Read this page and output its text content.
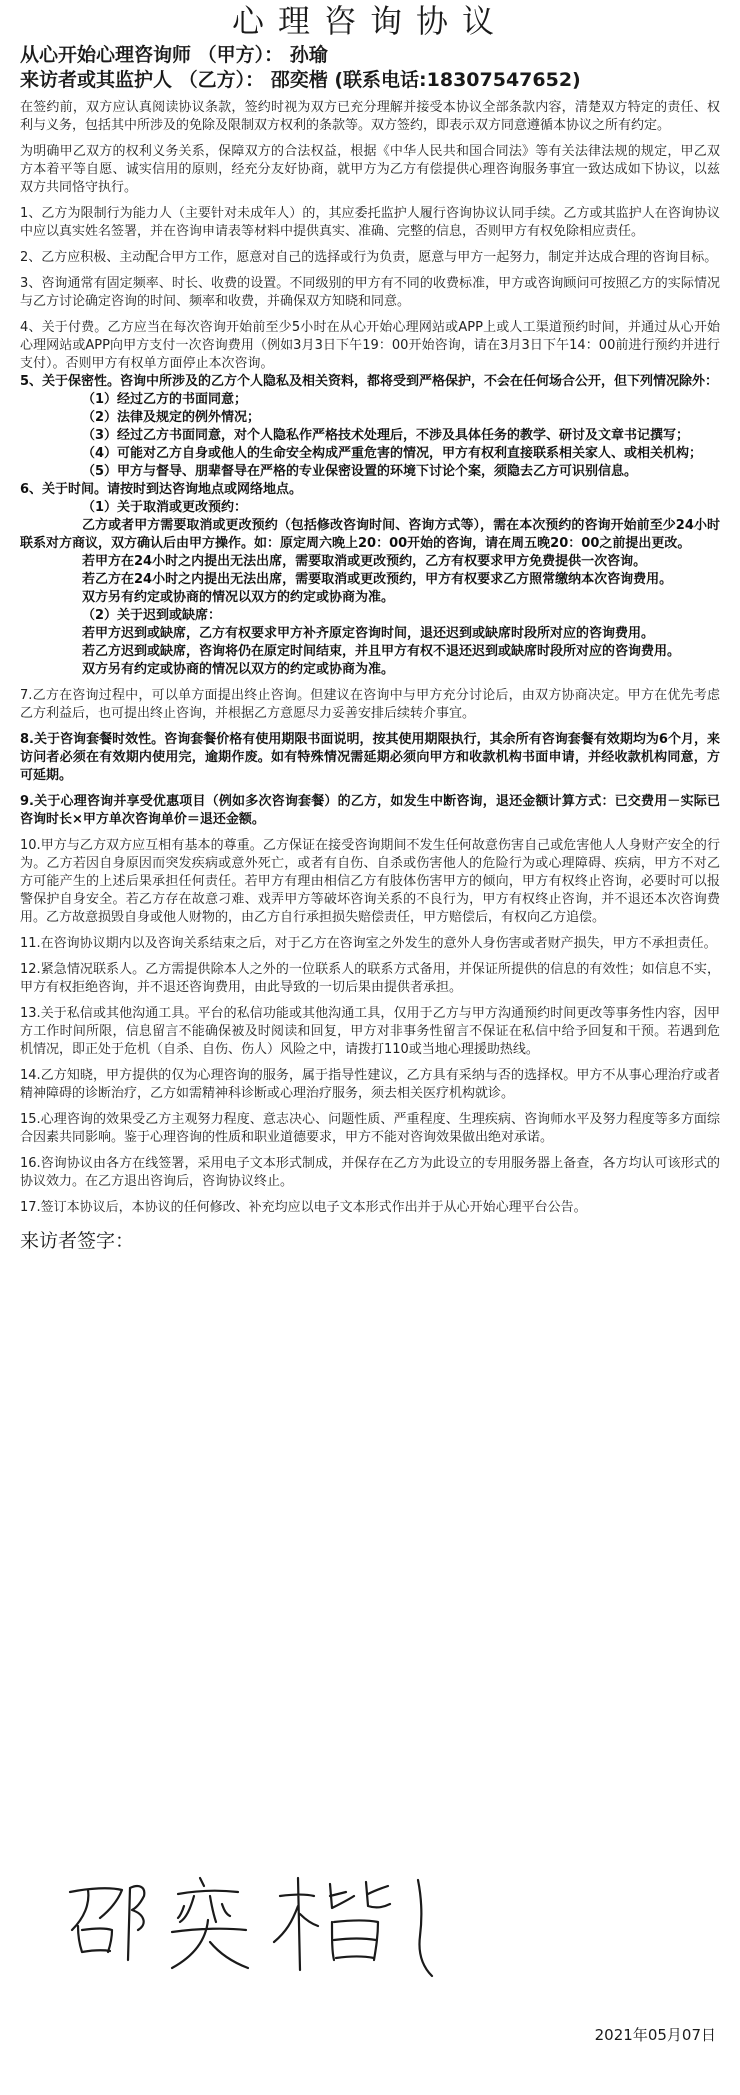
心理咨询协议

从心开始心理咨询师 （甲方）： 孙瑜

来访者或其监护人 （乙方）： 邵奕楷 (联系电话:18307547652)

在签约前，双方应认真阅读协议条款，签约时视为双方已充分理解并接受本协议全部条款内容，清楚双方特定的责任、权利与义务，包括其中所涉及的免除及限制双方权利的条款等。双方签约，即表示双方同意遵循本协议之所有约定。

为明确甲乙双方的权利义务关系，保障双方的合法权益，根据《中华人民共和国合同法》等有关法律法规的规定，甲乙双方本着平等自愿、诚实信用的原则，经充分友好协商，就甲方为乙方有偿提供心理咨询服务事宜一致达成如下协议，以兹双方共同恪守执行。

1、乙方为限制行为能力人（主要针对未成年人）的，其应委托监护人履行咨询协议认同手续。乙方或其监护人在咨询协议中应以真实姓名签署，并在咨询申请表等材料中提供真实、准确、完整的信息，否则甲方有权免除相应责任。

2、乙方应积极、主动配合甲方工作，愿意对自己的选择或行为负责，愿意与甲方一起努力，制定并达成合理的咨询目标。

3、咨询通常有固定频率、时长、收费的设置。不同级别的甲方有不同的收费标准，甲方或咨询顾问可按照乙方的实际情况与乙方讨论确定咨询的时间、频率和收费，并确保双方知晓和同意。

4、关于付费。乙方应当在每次咨询开始前至少5小时在从心开始心理网站或APP上或人工渠道预约时间，并通过从心开始心理网站或APP向甲方支付一次咨询费用（例如3月3日下午19：00开始咨询，请在3月3日下午14：00前进行预约并进行支付）。否则甲方有权单方面停止本次咨询。

5、关于保密性。咨询中所涉及的乙方个人隐私及相关资料，都将受到严格保护，不会在任何场合公开，但下列情况除外：

（1）经过乙方的书面同意；

（2）法律及规定的例外情况；

（3）经过乙方书面同意，对个人隐私作严格技术处理后，不涉及具体任务的教学、研讨及文章书记撰写；

（4）可能对乙方自身或他人的生命安全构成严重危害的情况，甲方有权利直接联系相关家人、或相关机构；

（5）甲方与督导、朋辈督导在严格的专业保密设置的环境下讨论个案，须隐去乙方可识别信息。

6、关于时间。请按时到达咨询地点或网络地点。

（1）关于取消或更改预约：

乙方或者甲方需要取消或更改预约（包括修改咨询时间、咨询方式等），需在本次预约的咨询开始前至少24小时联系对方商议，双方确认后由甲方操作。如：原定周六晚上20：00开始的咨询，请在周五晚20：00之前提出更改。

若甲方在24小时之内提出无法出席，需要取消或更改预约，乙方有权要求甲方免费提供一次咨询。

若乙方在24小时之内提出无法出席，需要取消或更改预约，甲方有权要求乙方照常缴纳本次咨询费用。

双方另有约定或协商的情况以双方的约定或协商为准。

（2）关于迟到或缺席：

若甲方迟到或缺席，乙方有权要求甲方补齐原定咨询时间，退还迟到或缺席时段所对应的咨询费用。

若乙方迟到或缺席，咨询将仍在原定时间结束，并且甲方有权不退还迟到或缺席时段所对应的咨询费用。

双方另有约定或协商的情况以双方的约定或协商为准。

7.乙方在咨询过程中，可以单方面提出终止咨询。但建议在咨询中与甲方充分讨论后，由双方协商决定。甲方在优先考虑乙方利益后，也可提出终止咨询，并根据乙方意愿尽力妥善安排后续转介事宜。

8.关于咨询套餐时效性。咨询套餐价格有使用期限书面说明，按其使用期限执行，其余所有咨询套餐有效期均为6个月，来访问者必须在有效期内使用完，逾期作废。如有特殊情况需延期必须向甲方和收款机构书面申请，并经收款机构同意，方可延期。

9.关于心理咨询并享受优惠项目（例如多次咨询套餐）的乙方，如发生中断咨询，退还金额计算方式：已交费用－实际已咨询时长×甲方单次咨询单价＝退还金额。

10.甲方与乙方双方应互相有基本的尊重。乙方保证在接受咨询期间不发生任何故意伤害自己或危害他人人身财产安全的行为。乙方若因自身原因而突发疾病或意外死亡，或者有自伤、自杀或伤害他人的危险行为或心理障碍、疾病，甲方不对乙方可能产生的上述后果承担任何责任。若甲方有理由相信乙方有肢体伤害甲方的倾向，甲方有权终止咨询，必要时可以报警保护自身安全。若乙方存在故意刁难、戏弄甲方等破坏咨询关系的不良行为，甲方有权终止咨询，并不退还本次咨询费用。乙方故意损毁自身或他人财物的，由乙方自行承担损失赔偿责任，甲方赔偿后，有权向乙方追偿。

11.在咨询协议期内以及咨询关系结束之后，对于乙方在咨询室之外发生的意外人身伤害或者财产损失，甲方不承担责任。

12.紧急情况联系人。乙方需提供除本人之外的一位联系人的联系方式备用，并保证所提供的信息的有效性；如信息不实，甲方有权拒绝咨询，并不退还咨询费用，由此导致的一切后果由提供者承担。

13.关于私信或其他沟通工具。平台的私信功能或其他沟通工具，仅用于乙方与甲方沟通预约时间更改等事务性内容，因甲方工作时间所限，信息留言不能确保被及时阅读和回复，甲方对非事务性留言不保证在私信中给予回复和干预。若遇到危机情况，即正处于危机（自杀、自伤、伤人）风险之中，请拨打110或当地心理援助热线。

14.乙方知晓，甲方提供的仅为心理咨询的服务，属于指导性建议，乙方具有采纳与否的选择权。甲方不从事心理治疗或者精神障碍的诊断治疗，乙方如需精神科诊断或心理治疗服务，须去相关医疗机构就诊。

15.心理咨询的效果受乙方主观努力程度、意志决心、问题性质、严重程度、生理疾病、咨询师水平及努力程度等多方面综合因素共同影响。鉴于心理咨询的性质和职业道德要求，甲方不能对咨询效果做出绝对承诺。

16.咨询协议由各方在线签署，采用电子文本形式制成，并保存在乙方为此设立的专用服务器上备查，各方均认可该形式的协议效力。在乙方退出咨询后，咨询协议终止。

17.签订本协议后，本协议的任何修改、补充均应以电子文本形式作出并于从心开始心理平台公告。

来访者签字：

2021年05月07日
